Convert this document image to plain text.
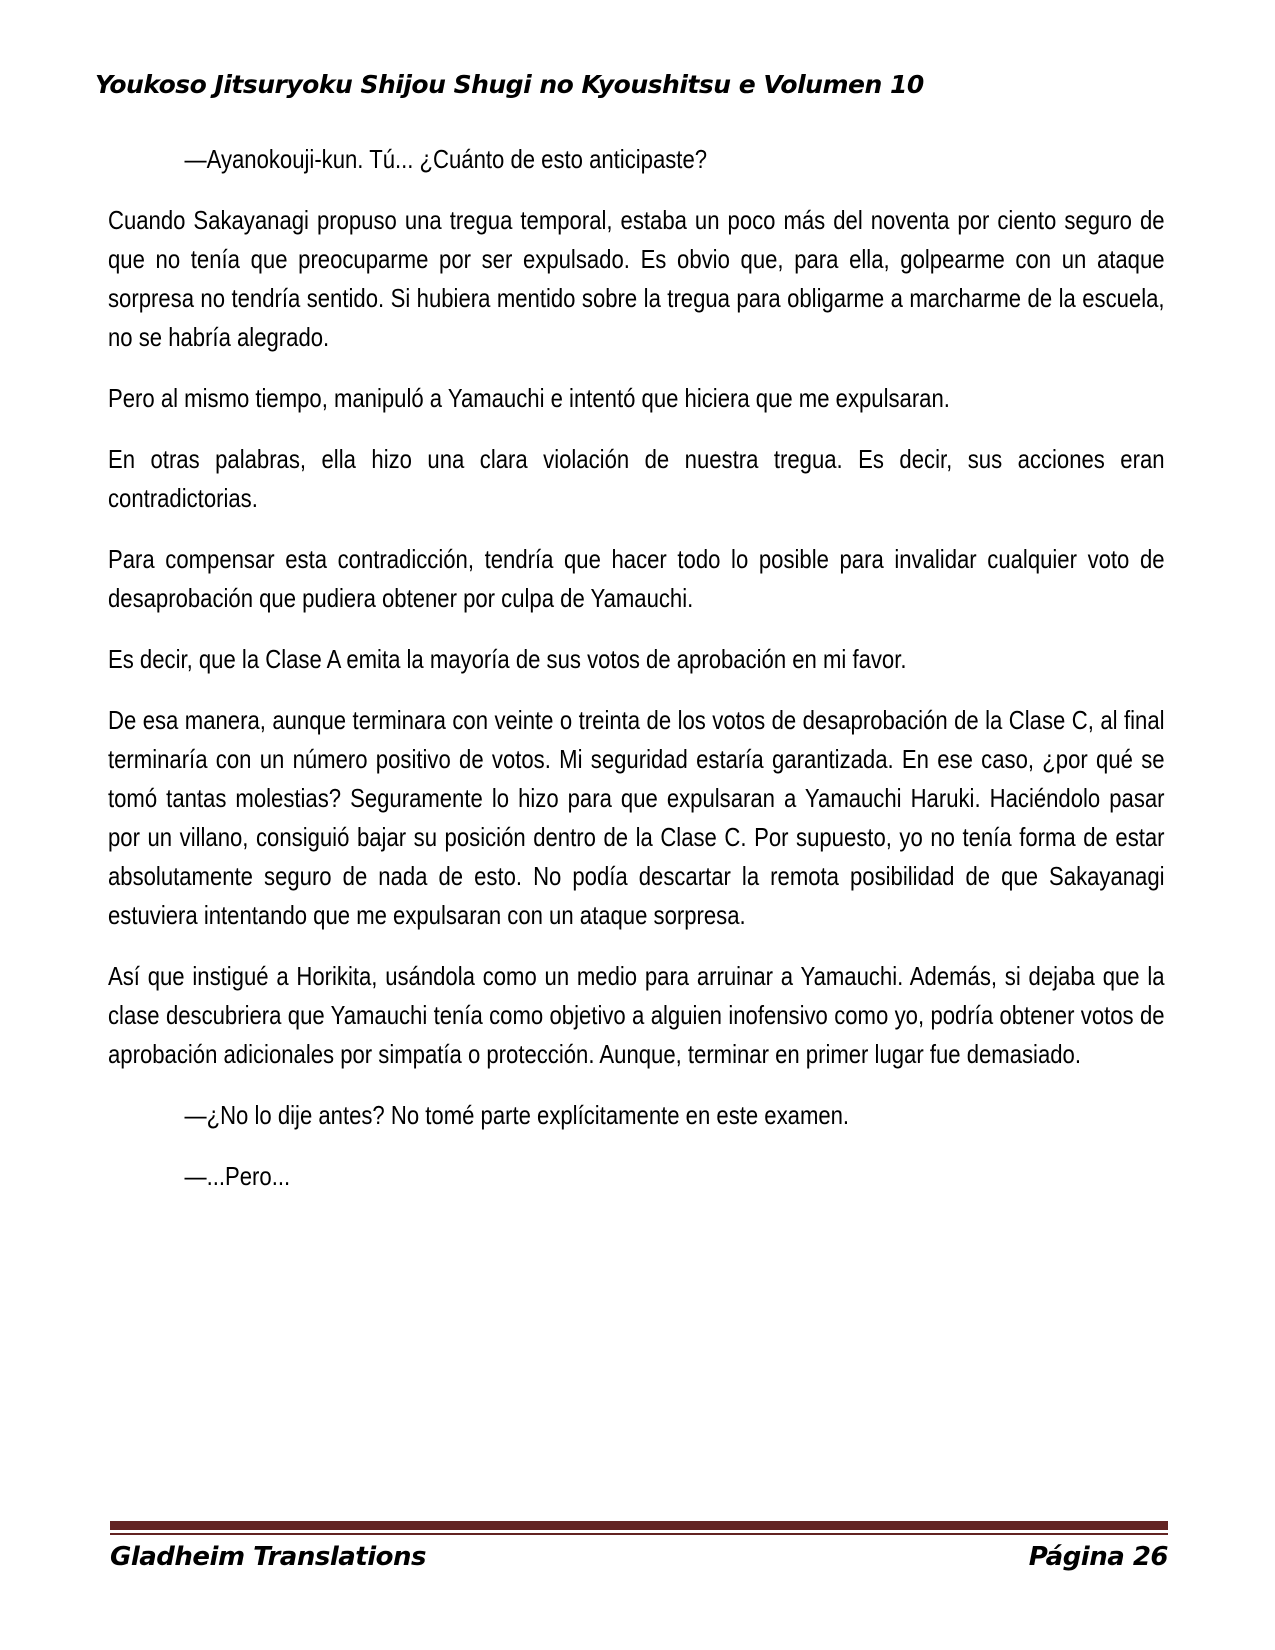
Youkoso Jitsuryoku Shijou Shugi no Kyoushitsu e Volumen 10

—Ayanokouji-kun. Tú... ¿Cuánto de esto anticipaste?

Cuando Sakayanagi propuso una tregua temporal, estaba un poco más del noventa por ciento seguro de que no tenía que preocuparme por ser expulsado. Es obvio que, para ella, golpearme con un ataque sorpresa no tendría sentido. Si hubiera mentido sobre la tregua para obligarme a marcharme de la escuela, no se habría alegrado.

Pero al mismo tiempo, manipuló a Yamauchi e intentó que hiciera que me expulsaran.

En otras palabras, ella hizo una clara violación de nuestra tregua. Es decir, sus acciones eran contradictorias.

Para compensar esta contradicción, tendría que hacer todo lo posible para invalidar cualquier voto de desaprobación que pudiera obtener por culpa de Yamauchi.

Es decir, que la Clase A emita la mayoría de sus votos de aprobación en mi favor.

De esa manera, aunque terminara con veinte o treinta de los votos de desaprobación de la Clase C, al final terminaría con un número positivo de votos. Mi seguridad estaría garantizada. En ese caso, ¿por qué se tomó tantas molestias? Seguramente lo hizo para que expulsaran a Yamauchi Haruki. Haciéndolo pasar por un villano, consiguió bajar su posición dentro de la Clase C. Por supuesto, yo no tenía forma de estar absolutamente seguro de nada de esto. No podía descartar la remota posibilidad de que Sakayanagi estuviera intentando que me expulsaran con un ataque sorpresa.

Así que instigué a Horikita, usándola como un medio para arruinar a Yamauchi. Además, si dejaba que la clase descubriera que Yamauchi tenía como objetivo a alguien inofensivo como yo, podría obtener votos de aprobación adicionales por simpatía o protección. Aunque, terminar en primer lugar fue demasiado.

—¿No lo dije antes? No tomé parte explícitamente en este examen.

—...Pero...

Gladheim Translations	Página 26
